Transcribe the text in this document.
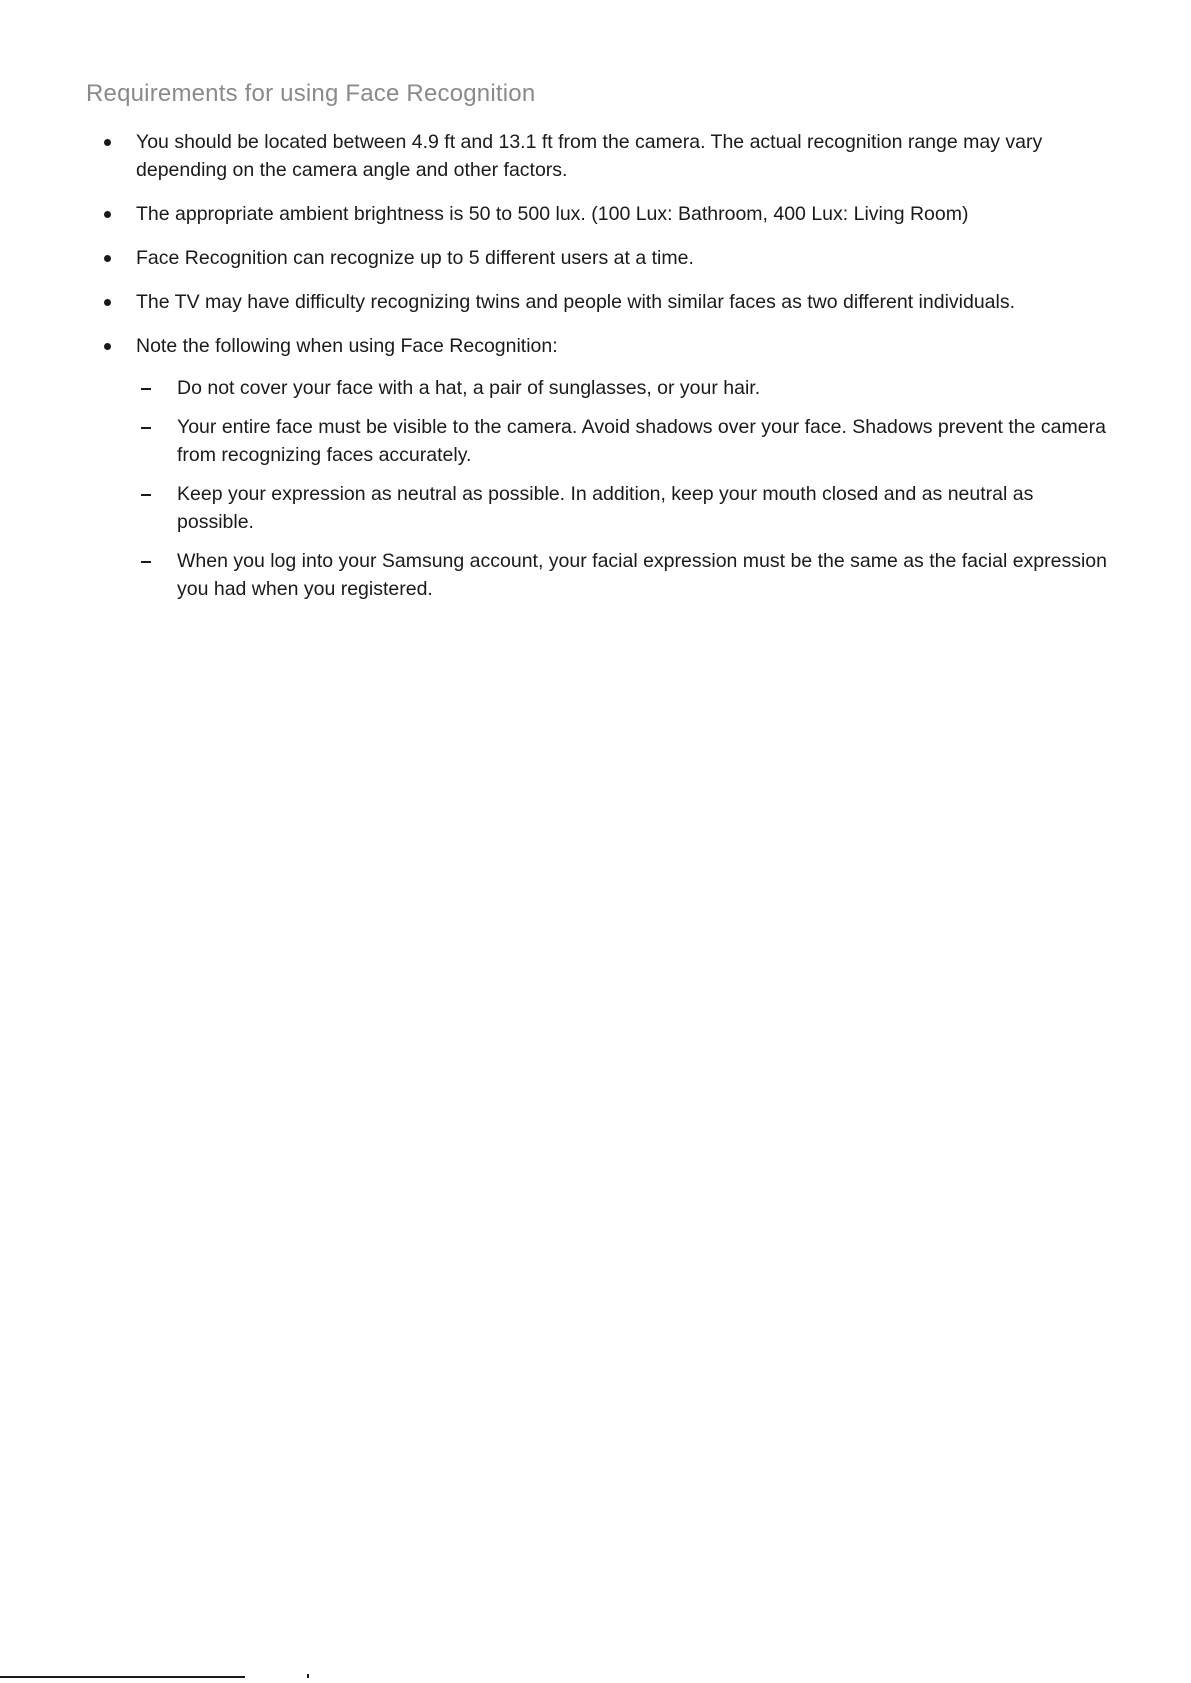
Requirements for using Face Recognition
You should be located between 4.9 ft and 13.1 ft from the camera. The actual recognition range may vary depending on the camera angle and other factors.
The appropriate ambient brightness is 50 to 500 lux. (100 Lux: Bathroom, 400 Lux: Living Room)
Face Recognition can recognize up to 5 different users at a time.
The TV may have difficulty recognizing twins and people with similar faces as two different individuals.
Note the following when using Face Recognition:
Do not cover your face with a hat, a pair of sunglasses, or your hair.
Your entire face must be visible to the camera. Avoid shadows over your face. Shadows prevent the camera from recognizing faces accurately.
Keep your expression as neutral as possible. In addition, keep your mouth closed and as neutral as possible.
When you log into your Samsung account, your facial expression must be the same as the facial expression you had when you registered.
